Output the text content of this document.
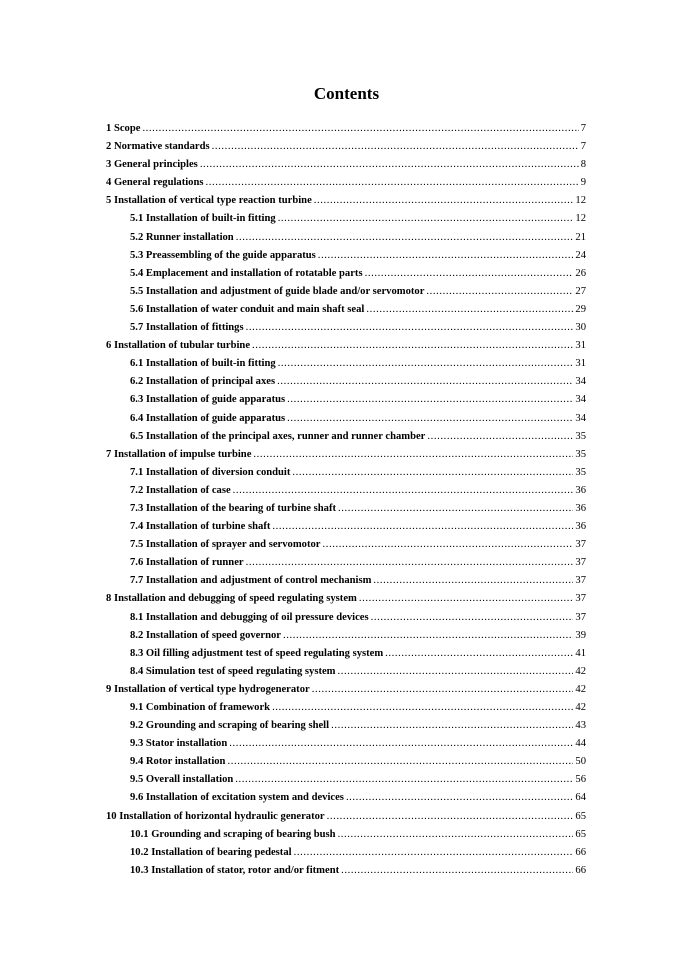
Contents
1 Scope .....	7
2 Normative standards .....	7
3 General principles .....	8
4 General regulations .....	9
5 Installation of vertical type reaction turbine .....	12
5.1 Installation of built-in fitting .....	12
5.2 Runner installation .....	21
5.3 Preassembling of the guide apparatus .....	24
5.4 Emplacement and installation of rotatable parts .....	26
5.5 Installation and adjustment of guide blade and/or servomotor .....	27
5.6 Installation of water conduit and main shaft seal .....	29
5.7 Installation of fittings .....	30
6 Installation of tubular turbine .....	31
6.1 Installation of built-in fitting .....	31
6.2 Installation of principal axes .....	34
6.3 Installation of guide apparatus .....	34
6.4 Installation of guide apparatus .....	34
6.5 Installation of the principal axes, runner and runner chamber .....	35
7 Installation of impulse turbine .....	35
7.1 Installation of diversion conduit .....	35
7.2 Installation of case .....	36
7.3 Installation of the bearing of turbine shaft .....	36
7.4 Installation of turbine shaft .....	36
7.5 Installation of sprayer and servomotor .....	37
7.6 Installation of runner .....	37
7.7 Installation and adjustment of control mechanism .....	37
8 Installation and debugging of speed regulating system .....	37
8.1 Installation and debugging of oil pressure devices .....	37
8.2 Installation of speed governor .....	39
8.3 Oil filling adjustment test of speed regulating system .....	41
8.4 Simulation test of speed regulating system .....	42
9 Installation of vertical type hydrogenerator .....	42
9.1 Combination of framework .....	42
9.2 Grounding and scraping of bearing shell .....	43
9.3 Stator installation .....	44
9.4 Rotor installation .....	50
9.5 Overall installation .....	56
9.6 Installation of excitation system and devices .....	64
10 Installation of horizontal hydraulic generator .....	65
10.1 Grounding and scraping of bearing bush .....	65
10.2 Installation of bearing pedestal .....	66
10.3 Installation of stator, rotor and/or fitment .....	66
